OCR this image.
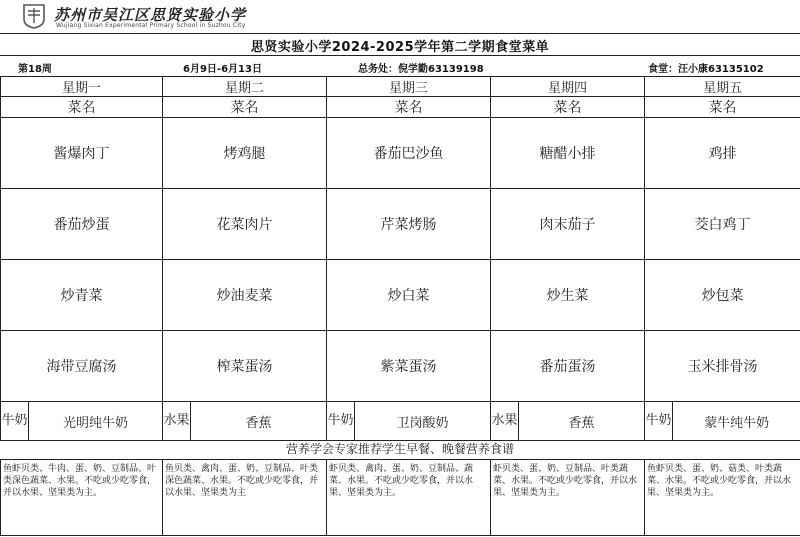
苏州市吴江区思贤实验小学
Wujiang Sixian Experimental Primary School in Suzhou City
思贤实验小学2024-2025学年第二学期食堂菜单
第18周	6月9日-6月13日	总务处：倪学勤63139198	食堂：汪小康63135102
星期一		星期二		星期三		星期四		星期五	
菜名		菜名		菜名		菜名		菜名	
酱爆肉丁		烤鸡腿		番茄巴沙鱼		糖醋小排		鸡排	
番茄炒蛋		花菜肉片		芹菜烤肠		肉末茄子		茭白鸡丁	
炒青菜		炒油麦菜		炒白菜		炒生菜		炒包菜	
海带豆腐汤		榨菜蛋汤		紫菜蛋汤		番茄蛋汤		玉米排骨汤	
牛奶	光明纯牛奶	水果	香蕉	牛奶	卫岗酸奶	水果	香蕉	牛奶	蒙牛纯牛奶
营养学会专家推荐学生早餐、晚餐营养食谱
鱼虾贝类、牛肉、蛋、奶、豆制品、叶类深色蔬菜、水果。不吃或少吃零食，并以水果、坚果类为主。	鱼贝类、禽肉、蛋、奶、豆制品、叶类深色蔬菜、水果。不吃或少吃零食，并以水果、坚果类为主	虾贝类、禽肉、蛋、奶、豆制品、蔬菜、水果。不吃或少吃零食，并以水果、坚果类为主。	虾贝类、蛋、奶、豆制品、叶类蔬菜、水果。不吃或少吃零食，并以水果、坚果类为主。	鱼虾贝类、蛋、奶、菇类、叶类蔬菜、水果。不吃或少吃零食，并以水果、坚果类为主。
